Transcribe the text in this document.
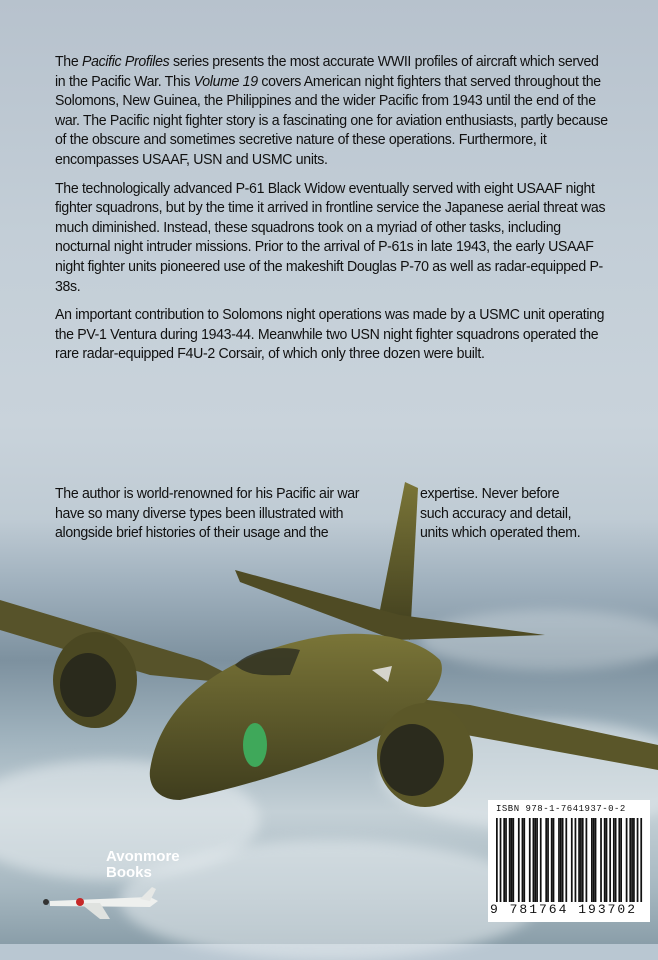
The Pacific Profiles series presents the most accurate WWII profiles of aircraft which served in the Pacific War. This Volume 19 covers American night fighters that served throughout the Solomons, New Guinea, the Philippines and the wider Pacific from 1943 until the end of the war. The Pacific night fighter story is a fascinating one for aviation enthusiasts, partly because of the obscure and sometimes secretive nature of these operations. Furthermore, it encompasses USAAF, USN and USMC units.

The technologically advanced P-61 Black Widow eventually served with eight USAAF night fighter squadrons, but by the time it arrived in frontline service the Japanese aerial threat was much diminished. Instead, these squadrons took on a myriad of other tasks, including nocturnal night intruder missions. Prior to the arrival of P-61s in late 1943, the early USAAF night fighter units pioneered use of the makeshift Douglas P-70 as well as radar-equipped P-38s.

An important contribution to Solomons night operations was made by a USMC unit operating the PV-1 Ventura during 1943-44. Meanwhile two USN night fighter squadrons operated the rare radar-equipped F4U-2 Corsair, of which only three dozen were built.

The author is world-renowned for his Pacific air war
have so many diverse types been illustrated with
alongside brief histories of their usage and the
expertise. Never before
such accuracy and detail,
units which operated them.
Avonmore
Books
ISBN 978-1-7641937-0-2
9 781764 193702
